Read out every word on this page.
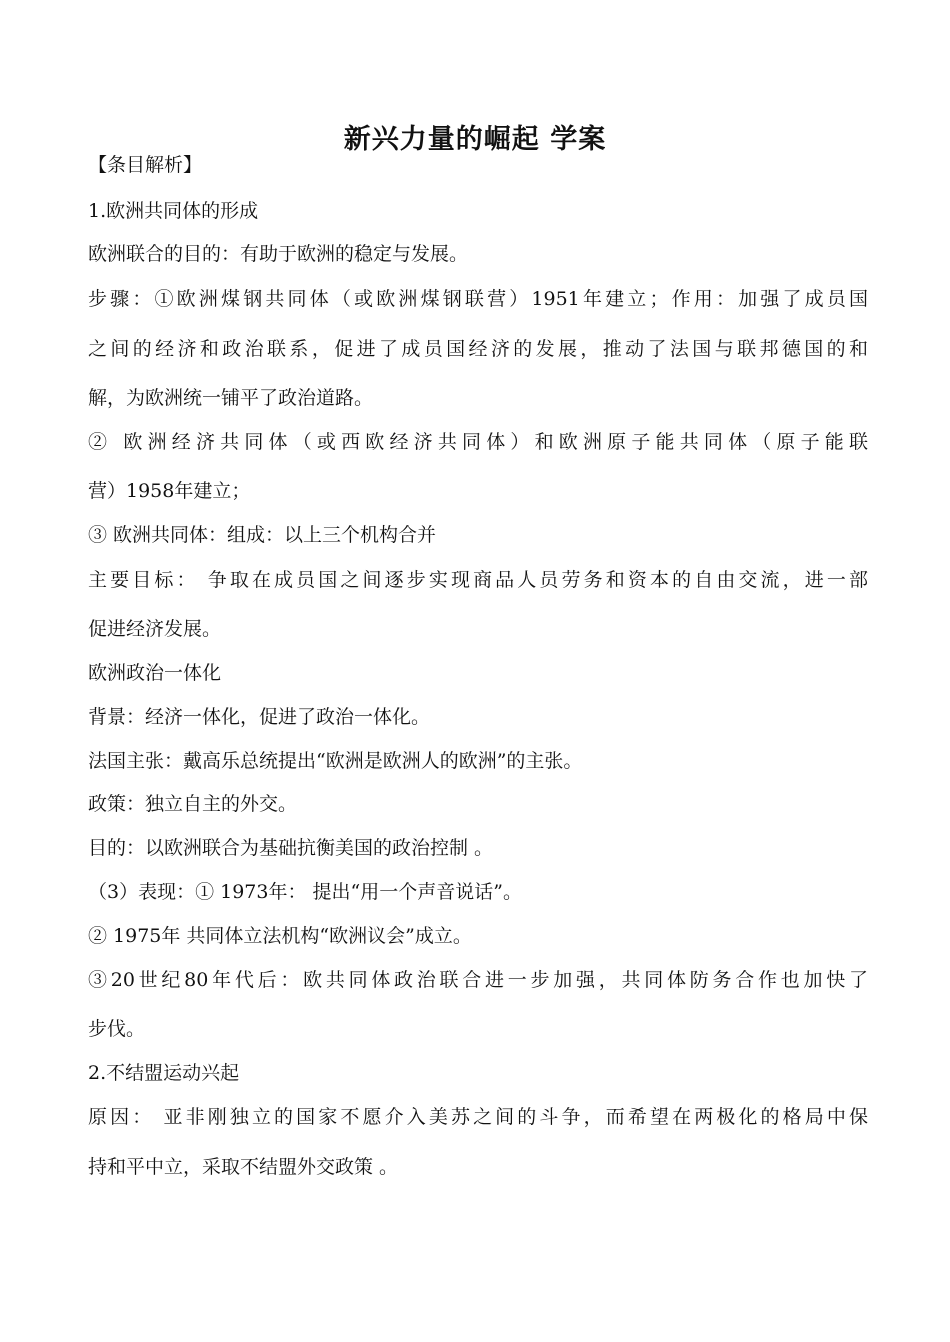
新兴力量的崛起 学案
【条目解析】
1.欧洲共同体的形成
欧洲联合的目的：有助于欧洲的稳定与发展。
步骤：①欧洲煤钢共同体（或欧洲煤钢联营）1951年建立；作用：加强了成员国
之间的经济和政治联系，促进了成员国经济的发展，推动了法国与联邦德国的和
解，为欧洲统一铺平了政治道路。
② 欧洲经济共同体（或西欧经济共同体）和欧洲原子能共同体（原子能联
营）1958年建立；
③ 欧洲共同体：组成：以上三个机构合并
主要目标： 争取在成员国之间逐步实现商品人员劳务和资本的自由交流，进一部
促进经济发展。
欧洲政治一体化
背景：经济一体化，促进了政治一体化。
法国主张：戴高乐总统提出“欧洲是欧洲人的欧洲”的主张。
政策：独立自主的外交。
目的：以欧洲联合为基础抗衡美国的政治控制 。
（3）表现：① 1973年： 提出“用一个声音说话”。
② 1975年 共同体立法机构“欧洲议会”成立。
③20世纪80年代后：欧共同体政治联合进一步加强，共同体防务合作也加快了
步伐。
2.不结盟运动兴起
原因： 亚非刚独立的国家不愿介入美苏之间的斗争，而希望在两极化的格局中保
持和平中立，采取不结盟外交政策 。
